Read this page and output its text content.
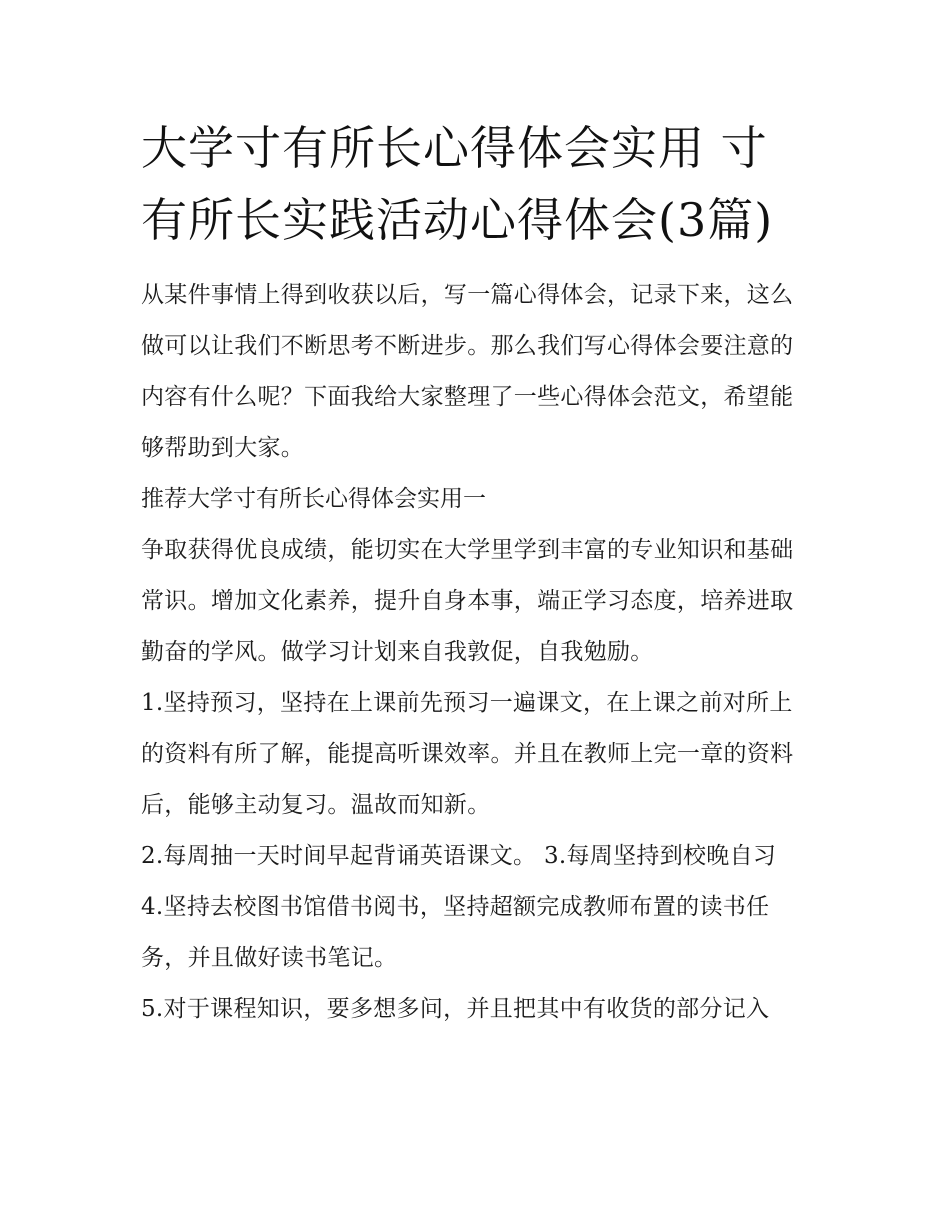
大学寸有所长心得体会实用 寸有所长实践活动心得体会(3篇)

从某件事情上得到收获以后，写一篇心得体会，记录下来，这么做可以让我们不断思考不断进步。那么我们写心得体会要注意的内容有什么呢？下面我给大家整理了一些心得体会范文，希望能够帮助到大家。

推荐大学寸有所长心得体会实用一

争取获得优良成绩，能切实在大学里学到丰富的专业知识和基础常识。增加文化素养，提升自身本事，端正学习态度，培养进取勤奋的学风。做学习计划来自我敦促，自我勉励。

1.坚持预习，坚持在上课前先预习一遍课文，在上课之前对所上的资料有所了解，能提高听课效率。并且在教师上完一章的资料后，能够主动复习。温故而知新。

2.每周抽一天时间早起背诵英语课文。 3.每周坚持到校晚自习

4.坚持去校图书馆借书阅书，坚持超额完成教师布置的读书任务，并且做好读书笔记。

5.对于课程知识，要多想多问，并且把其中有收货的部分记入
